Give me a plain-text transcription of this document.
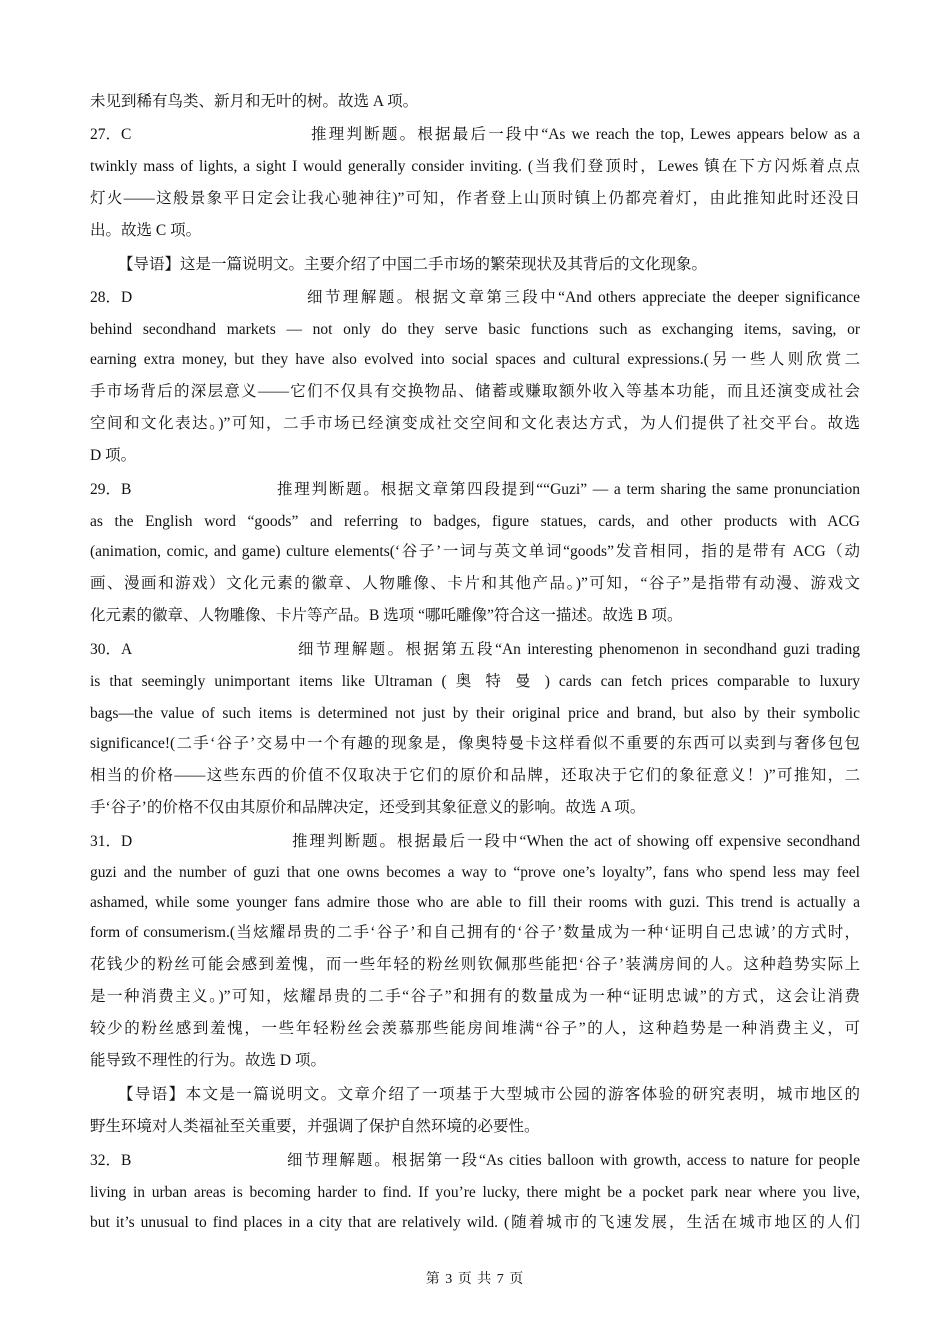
未见到稀有鸟类、新月和无叶的树。故选 A 项。
27．C	推理判断题。根据最后一段中“As we reach the top, Lewes appears below as a
twinkly mass of lights, a sight I would generally consider inviting. (当我们登顶时，Lewes 镇在下方闪烁着点点
灯火——这般景象平日定会让我心驰神往)”可知，作者登上山顶时镇上仍都亮着灯，由此推知此时还没日
出。故选 C 项。
【导语】这是一篇说明文。主要介绍了中国二手市场的繁荣现状及其背后的文化现象。
28．D	细节理解题。根据文章第三段中“And others appreciate the deeper significance
behind secondhand markets — not only do they serve basic functions such as exchanging items, saving, or
earning extra money, but they have also evolved into social spaces and cultural expressions.(另一些人则欣赏二
手市场背后的深层意义——它们不仅具有交换物品、储蓄或赚取额外收入等基本功能，而且还演变成社会
空间和文化表达。)”可知，二手市场已经演变成社交空间和文化表达方式，为人们提供了社交平台。故选
D 项。
29．B	推理判断题。根据文章第四段提到““Guzi” — a term sharing the same pronunciation
as the English word “goods” and referring to badges, figure statues, cards, and other products with ACG
(animation, comic, and game) culture elements(‘谷子’一词与英文单词“goods”发音相同，指的是带有 ACG（动
画、漫画和游戏）文化元素的徽章、人物雕像、卡片和其他产品。)”可知，“谷子”是指带有动漫、游戏文
化元素的徽章、人物雕像、卡片等产品。B 选项 “哪吒雕像”符合这一描述。故选 B 项。
30．A	细节理解题。根据第五段“An interesting phenomenon in secondhand guzi trading
is that seemingly unimportant items like Ultraman ( 奥 特 曼 ) cards can fetch prices comparable to luxury
bags—the value of such items is determined not just by their original price and brand, but also by their symbolic
significance!(二手‘谷子’交易中一个有趣的现象是，像奥特曼卡这样看似不重要的东西可以卖到与奢侈包包
相当的价格——这些东西的价值不仅取决于它们的原价和品牌，还取决于它们的象征意义！)”可推知，二
手‘谷子’的价格不仅由其原价和品牌决定，还受到其象征意义的影响。故选 A 项。
31．D	推理判断题。根据最后一段中“When the act of showing off expensive secondhand
guzi and the number of guzi that one owns becomes a way to “prove one’s loyalty”, fans who spend less may feel
ashamed, while some younger fans admire those who are able to fill their rooms with guzi. This trend is actually a
form of consumerism.(当炫耀昂贵的二手‘谷子’和自己拥有的‘谷子’数量成为一种‘证明自己忠诚’的方式时，
花钱少的粉丝可能会感到羞愧，而一些年轻的粉丝则钦佩那些能把‘谷子’装满房间的人。这种趋势实际上
是一种消费主义。)”可知，炫耀昂贵的二手“谷子”和拥有的数量成为一种“证明忠诚”的方式，这会让消费
较少的粉丝感到羞愧，一些年轻粉丝会羡慕那些能房间堆满“谷子”的人，这种趋势是一种消费主义，可
能导致不理性的行为。故选 D 项。
【导语】本文是一篇说明文。文章介绍了一项基于大型城市公园的游客体验的研究表明，城市地区的
野生环境对人类福祉至关重要，并强调了保护自然环境的必要性。
32．B	细节理解题。根据第一段“As cities balloon with growth, access to nature for people
living in urban areas is becoming harder to find. If you’re lucky, there might be a pocket park near where you live,
but it’s unusual to find places in a city that are relatively wild. (随着城市的飞速发展，生活在城市地区的人们
第 3 页 共 7 页
